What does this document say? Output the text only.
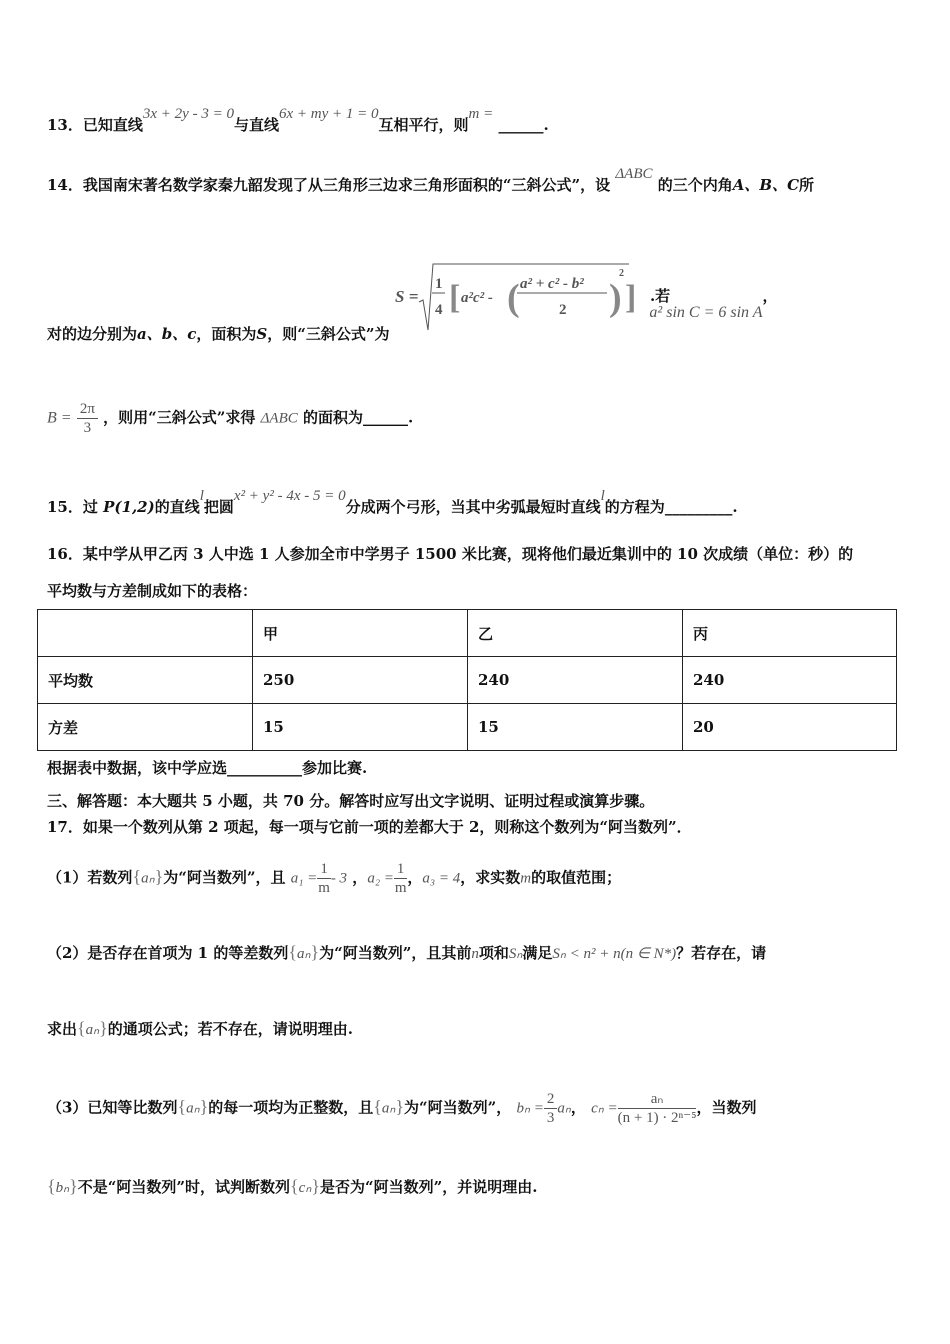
13．已知直线3x + 2y - 3 = 0与直线6x + my + 1 = 0互相平行，则m = ______.
14．我国南宋著名数学家秦九韶发现了从三角形三边求三角形面积的“三斜公式”，设 ΔABC 的三个内角A、B、C所
对的边分别为a、b、c，面积为S，则“三斜公式”为
S =
1
4 [ a²c² - ( a² + c² - b²
2 )
2
] .若 a² sin C = 6 sin A，
$B = \frac{2\pi}{3}$ ，则用“三斜公式”求得 ΔABC 的面积为______.
15．过 P(1,2)的直线l把圆x² + y² - 4x - 5 = 0分成两个弓形，当其中劣弧最短时直线l的方程为_________.
16．某中学从甲乙丙 3 人中选 1 人参加全市中学男子 1500 米比赛，现将他们最近集训中的 10 次成绩（单位：秒）的
平均数与方差制成如下的表格：
	甲	乙	丙
平均数	250	240	240
方差	15	15	20
根据表中数据，该中学应选__________参加比赛.
三、解答题：本大题共 5 小题，共 70 分。解答时应写出文字说明、证明过程或演算步骤。
17．如果一个数列从第 2 项起，每一项与它前一项的差都大于 2，则称这个数列为“阿当数列”．
（1）若数列{aₙ}为“阿当数列”，且 $a_1 = \frac{1}{m} - 3$ ，$a_2 = \frac{1}{m}$ ，a₃ = 4，求实数m的取值范围；
（2）是否存在首项为 1 的等差数列{aₙ}为“阿当数列”，且其前n项和Sₙ满足Sₙ < n² + n(n ∈ N*)？若存在，请
求出{aₙ}的通项公式；若不存在，请说明理由.
（3）已知等比数列{aₙ}的每一项均为正整数，且{aₙ}为“阿当数列”， $b_n = \frac{2}{3}$ aₙ， $c_n = \frac{\text{aₙ}}{\text{(n + 1) · 2ⁿ⁻⁵}}$ ，当数列
{bₙ}不是“阿当数列”时，试判断数列{cₙ}是否为“阿当数列”，并说明理由.
